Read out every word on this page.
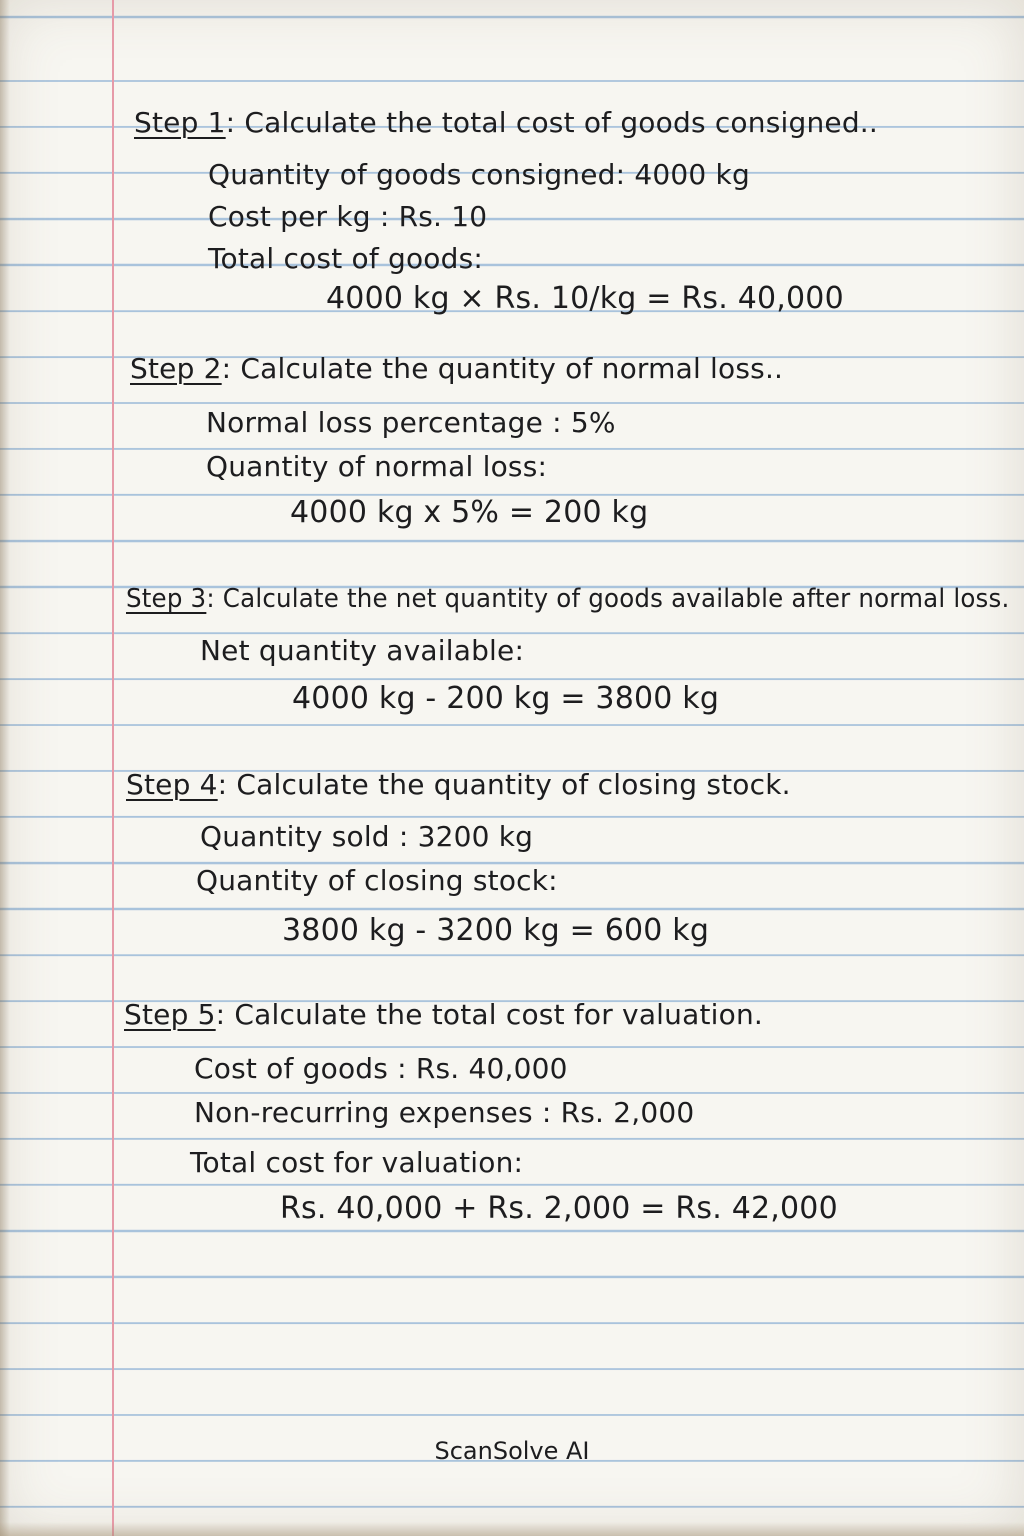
Step 1: Calculate the total cost of goods consigned..
Quantity of goods consigned: 4000 kg
Cost per kg : Rs. 10
Total cost of goods:
4000 kg × Rs. 10/kg = Rs. 40,000
Step 2: Calculate the quantity of normal loss..
Normal loss percentage : 5%
Quantity of normal loss:
4000 kg x 5% = 200 kg
Step 3: Calculate the net quantity of goods available after normal loss.
Net quantity available:
4000 kg - 200 kg = 3800 kg
Step 4: Calculate the quantity of closing stock.
Quantity sold : 3200 kg
Quantity of closing stock:
3800 kg - 3200 kg = 600 kg
Step 5: Calculate the total cost for valuation.
Cost of goods : Rs. 40,000
Non-recurring expenses : Rs. 2,000
Total cost for valuation:
Rs. 40,000 + Rs. 2,000 = Rs. 42,000
ScanSolve AI
